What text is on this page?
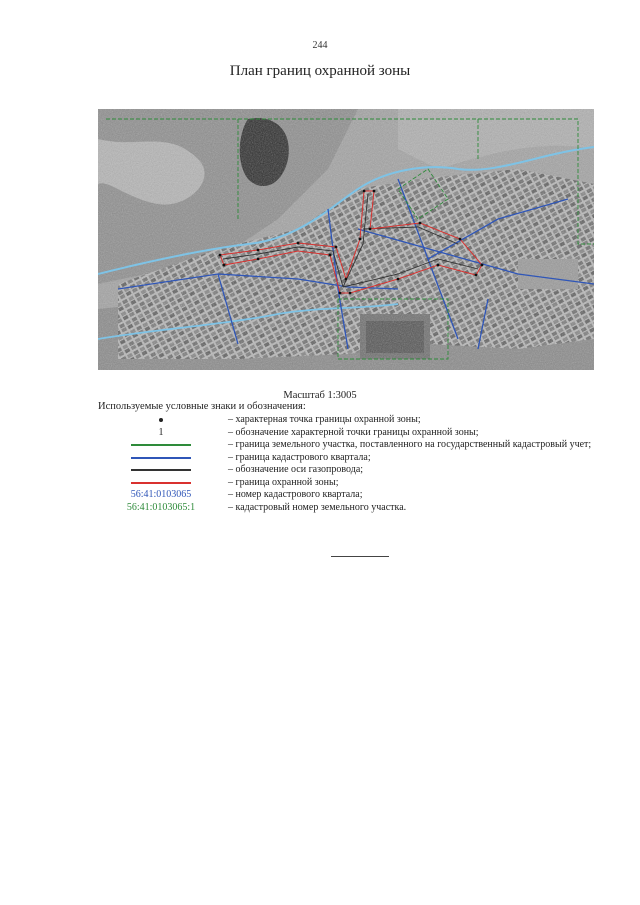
244
План границ охранной зоны
Масштаб 1:3005
Используемые условные знаки и обозначения:
– характерная точка границы охранной зоны;
1	– обозначение характерной точки границы охранной зоны;
– граница земельного участка, поставленного на государственный кадастровый учет;
– граница кадастрового квартала;
– обозначение оси газопровода;
– граница охранной зоны;
56:41:0103065	– номер кадастрового квартала;
56:41:0103065:1	– кадастровый номер земельного участка.
